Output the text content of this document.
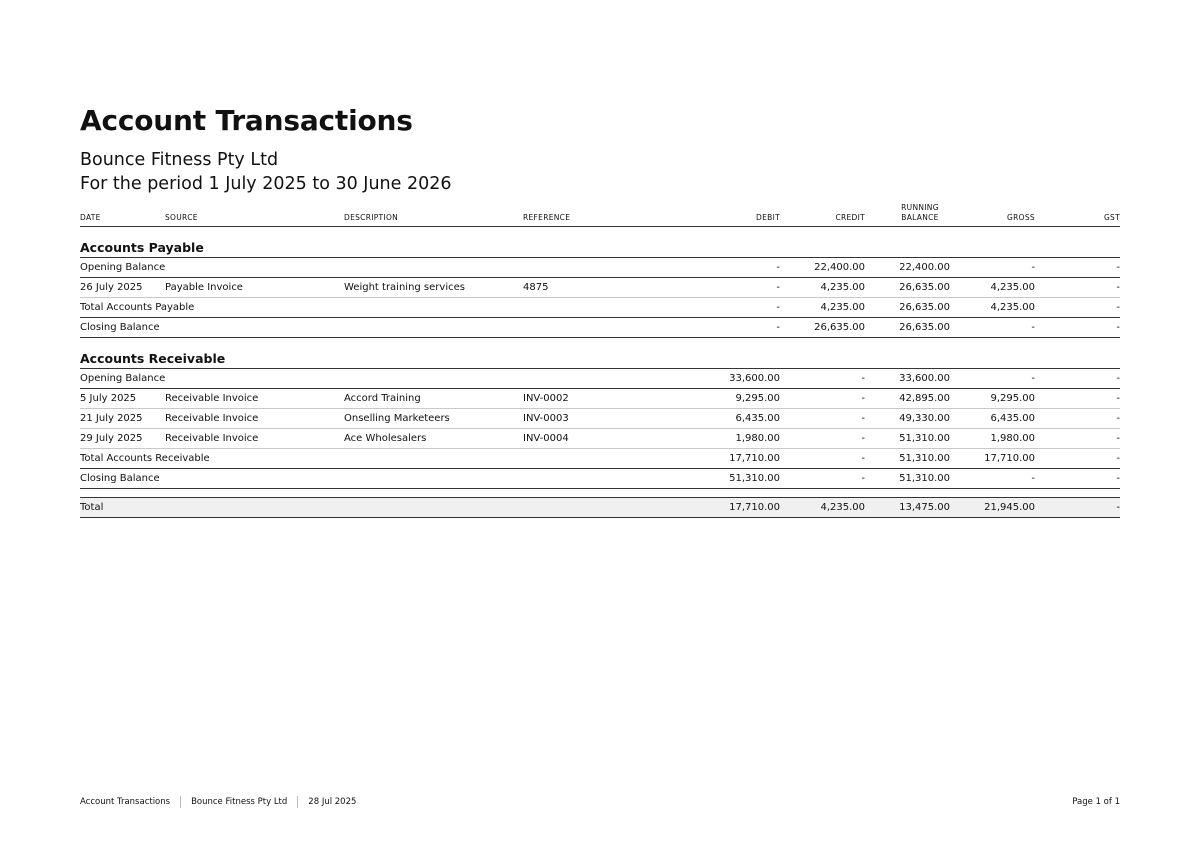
Account Transactions
Bounce Fitness Pty Ltd
For the period 1 July 2025 to 30 June 2026
DATE	SOURCE	DESCRIPTION	REFERENCE	DEBIT	CREDIT	RUNNING
BALANCE	GROSS	GST
Accounts Payable								
Opening Balance				-	22,400.00	22,400.00	-	-
26 July 2025	Payable Invoice	Weight training services	4875	-	4,235.00	26,635.00	4,235.00	-
Total Accounts Payable				-	4,235.00	26,635.00	4,235.00	-
Closing Balance				-	26,635.00	26,635.00	-	-
Accounts Receivable								
Opening Balance				33,600.00	-	33,600.00	-	-
5 July 2025	Receivable Invoice	Accord Training	INV-0002	9,295.00	-	42,895.00	9,295.00	-
21 July 2025	Receivable Invoice	Onselling Marketeers	INV-0003	6,435.00	-	49,330.00	6,435.00	-
29 July 2025	Receivable Invoice	Ace Wholesalers	INV-0004	1,980.00	-	51,310.00	1,980.00	-
Total Accounts Receivable				17,710.00	-	51,310.00	17,710.00	-
Closing Balance				51,310.00	-	51,310.00	-	-

Total				17,710.00	4,235.00	13,475.00	21,945.00	-
Account Transactions Bounce Fitness Pty Ltd 28 Jul 2025	Page 1 of 1
